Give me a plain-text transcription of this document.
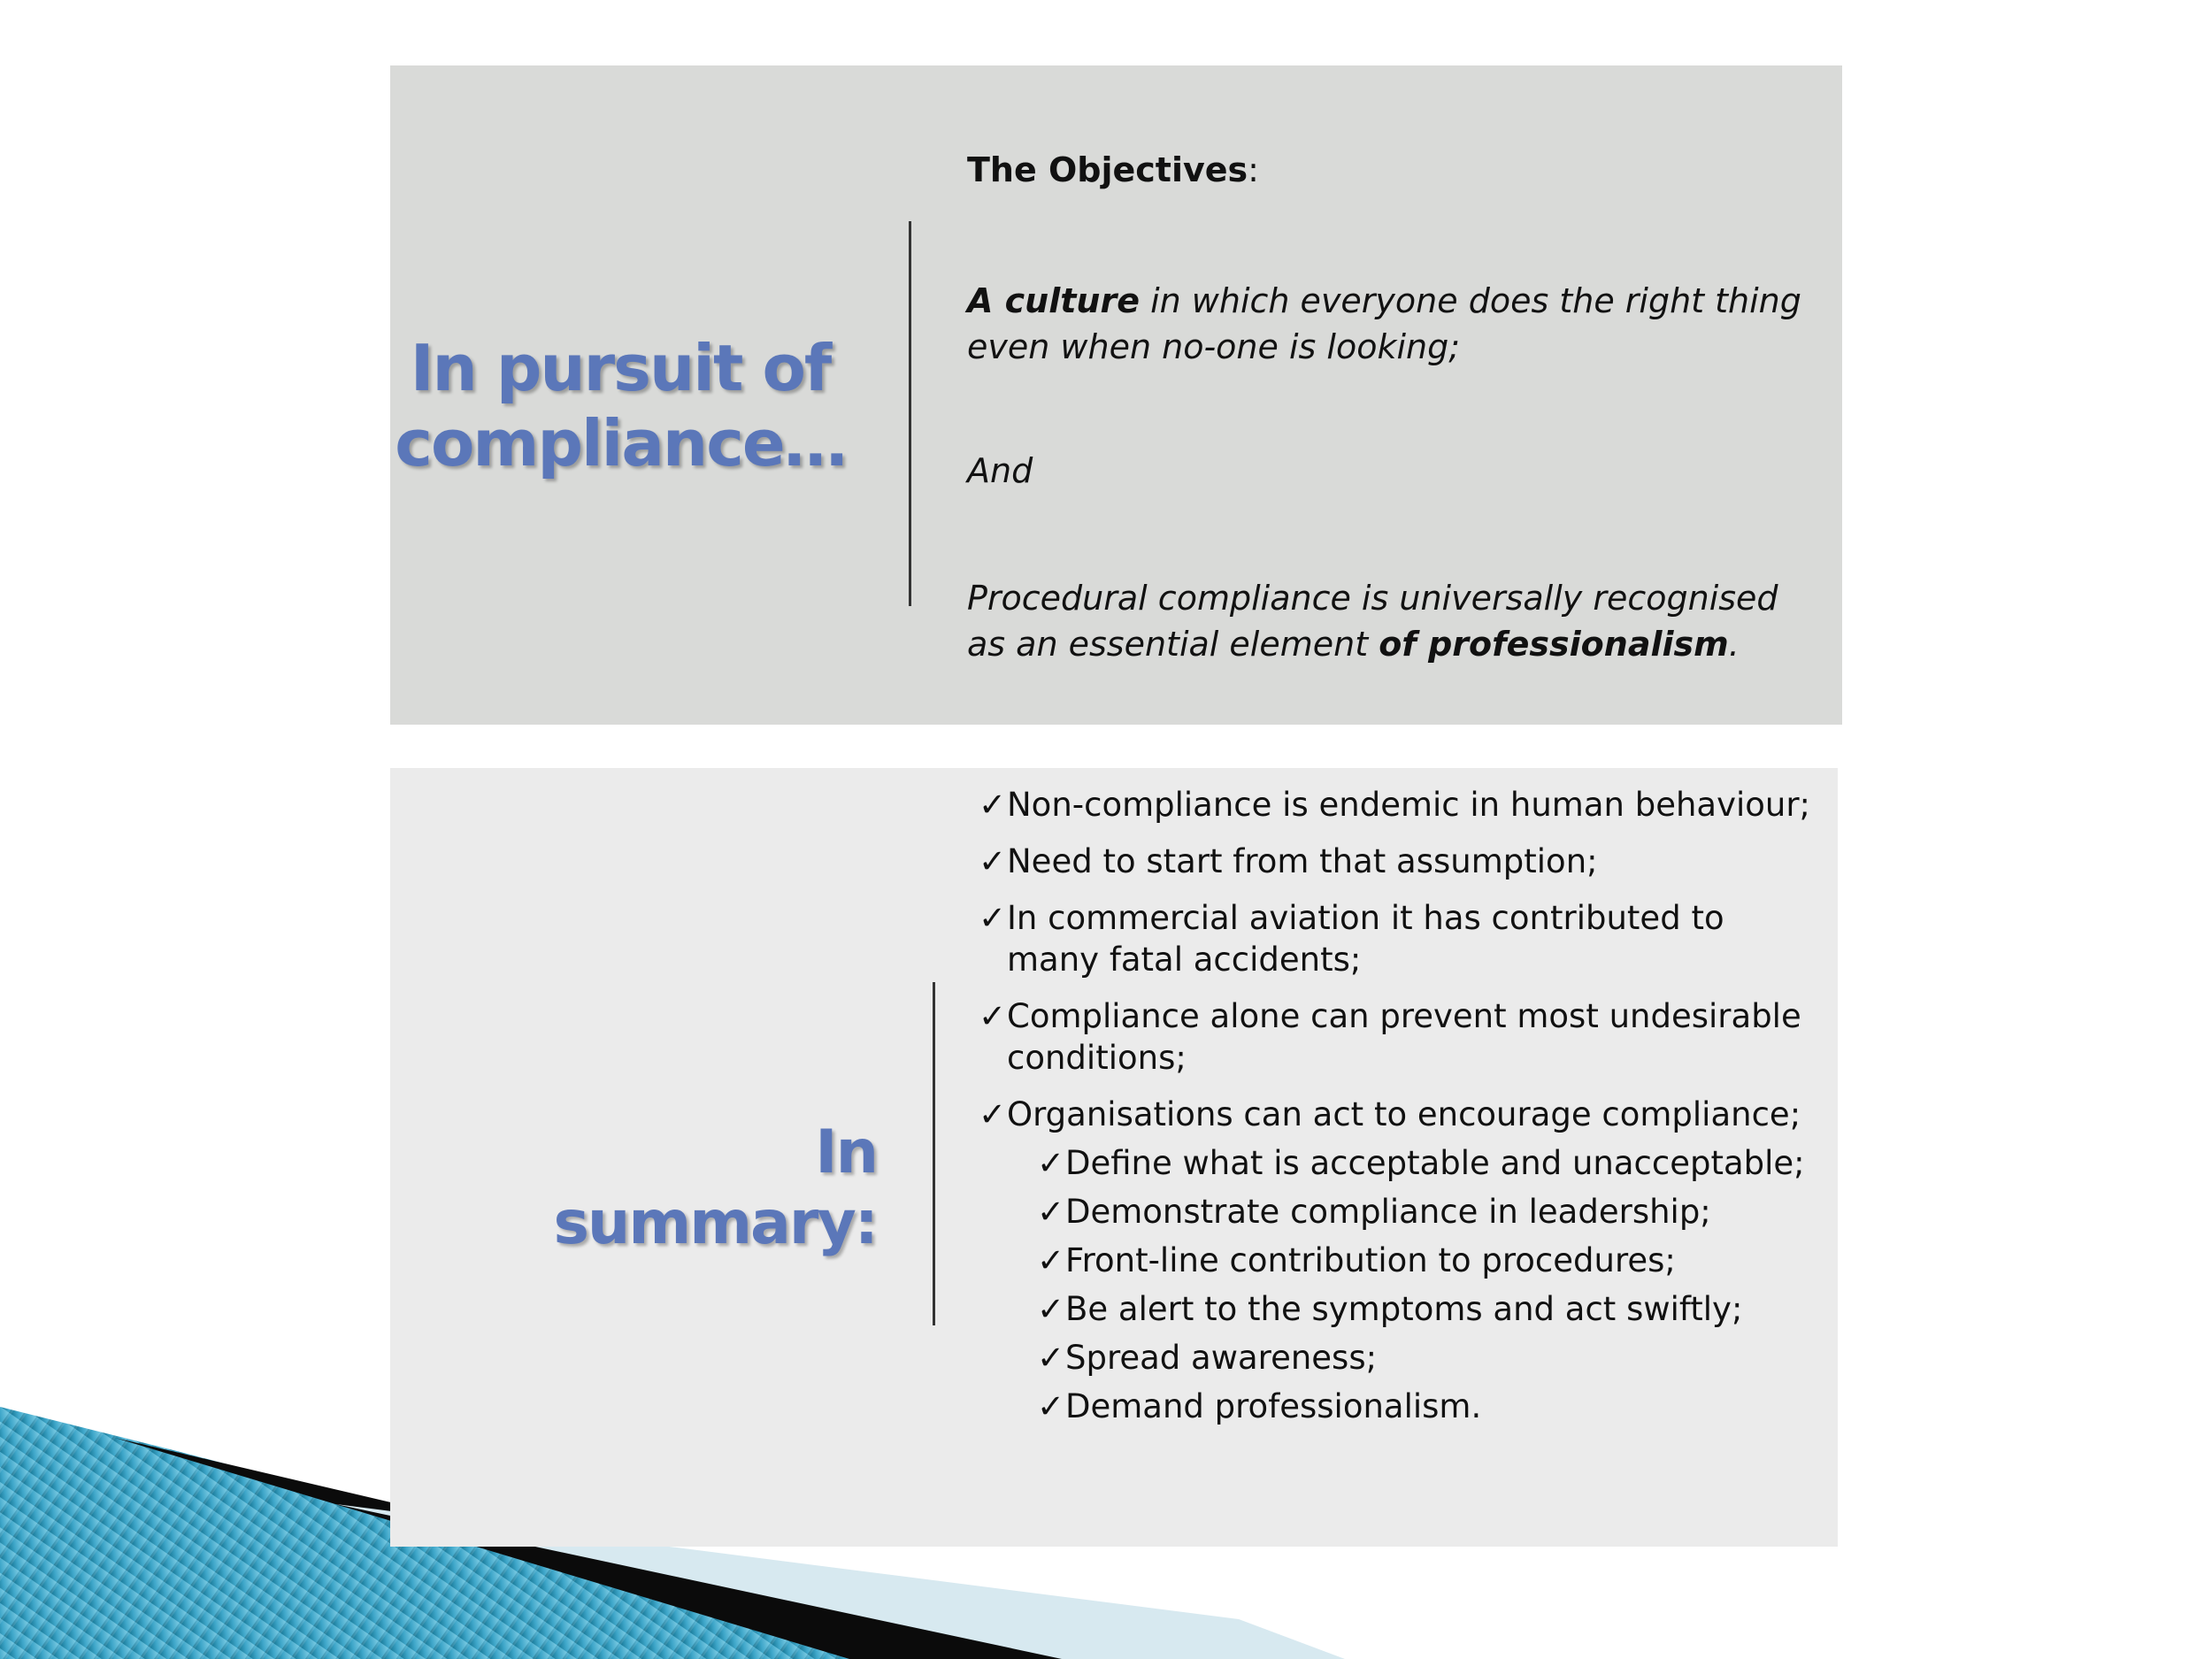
In pursuit of
compliance…

The Objectives:

A culture in which everyone does the right thing even when no-one is looking;

And

Procedural compliance is universally recognised as an essential element of professionalism.

In summary:
✓ Non-compliance is endemic in human behaviour;
✓ Need to start from that assumption;
✓ In commercial aviation it has contributed to many fatal accidents;
✓ Compliance alone can prevent most undesirable conditions;
✓ Organisations can act to encourage compliance;
✓ Define what is acceptable and unacceptable;
✓ Demonstrate compliance in leadership;
✓ Front-line contribution to procedures;
✓ Be alert to the symptoms and act swiftly;
✓ Spread awareness;
✓ Demand professionalism.
